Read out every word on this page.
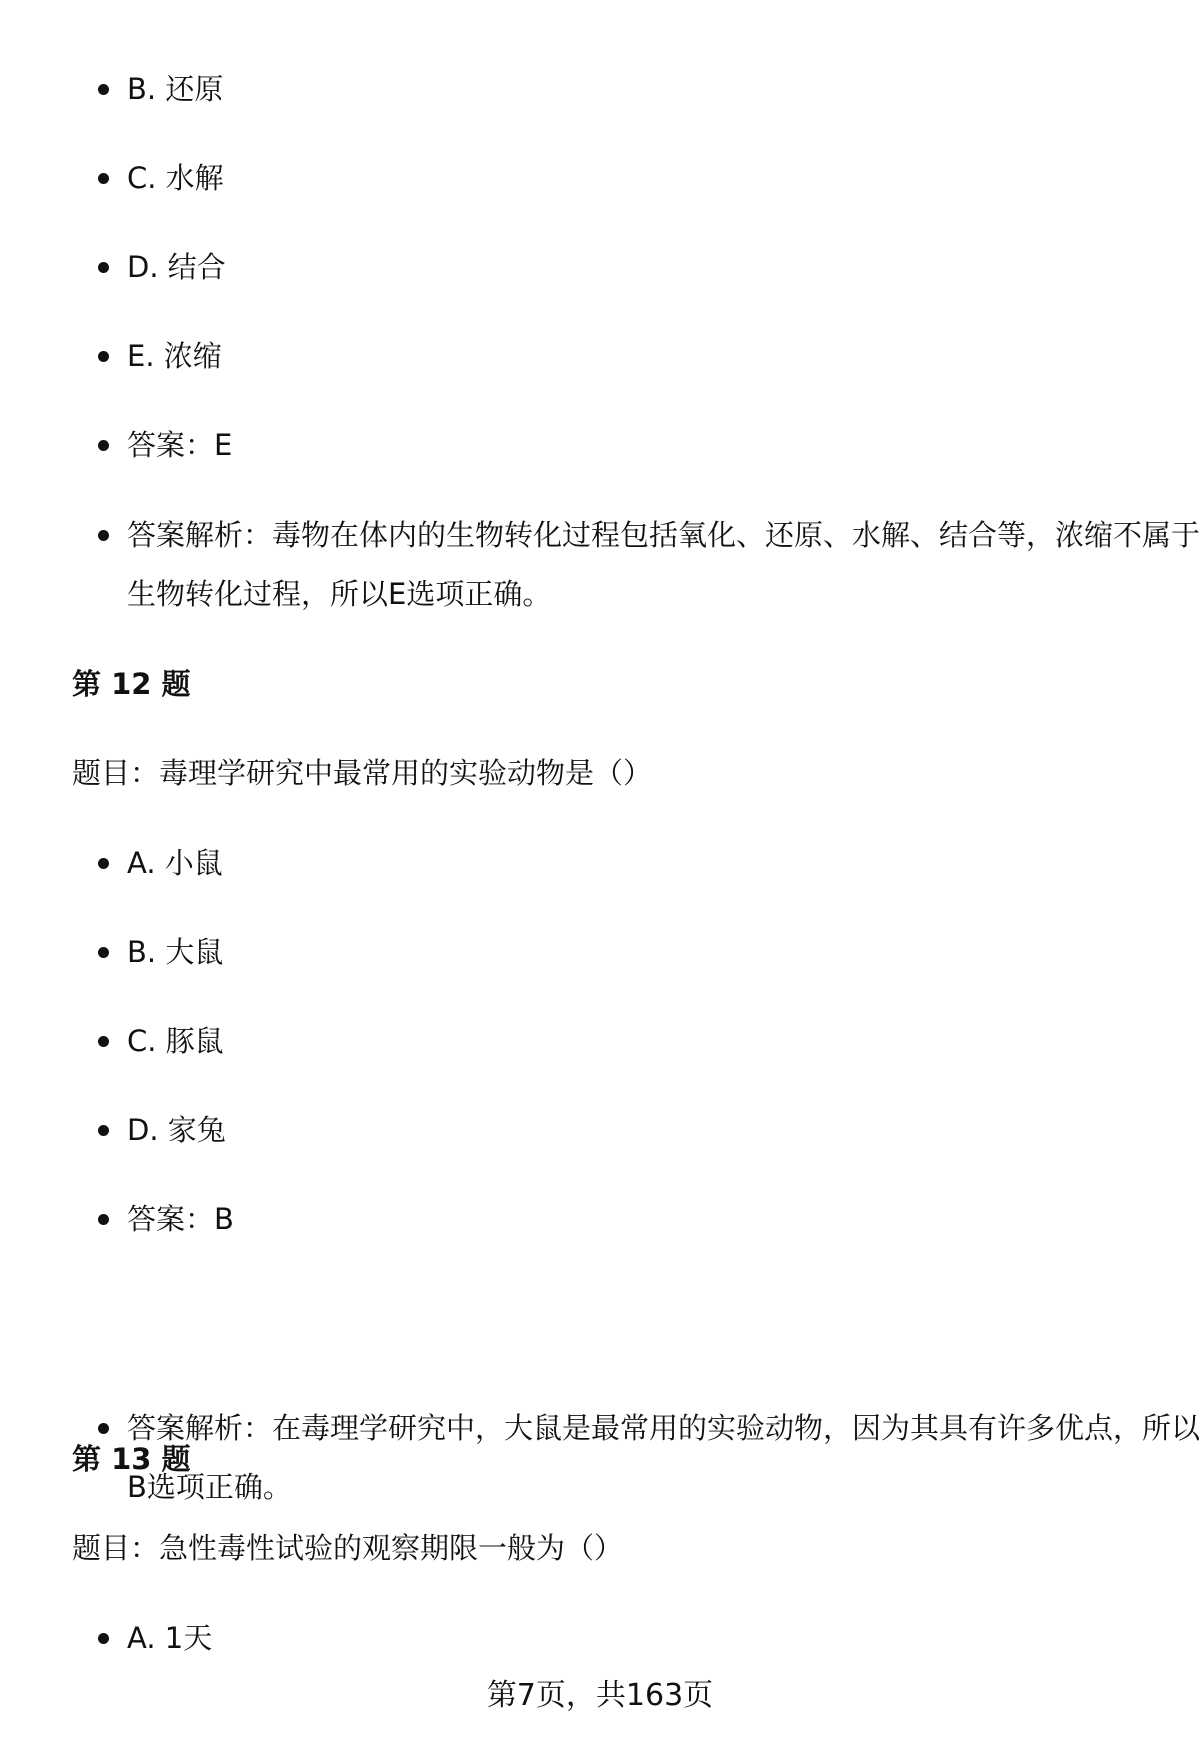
B. 还原
C. 水解
D. 结合
E. 浓缩
答案：E
答案解析：毒物在体内的生物转化过程包括氧化、还原、水解、结合等，浓缩不属于生物转化过程，所以E选项正确。
第 12 题
题目：毒理学研究中最常用的实验动物是（）
A. 小鼠
B. 大鼠
C. 豚鼠
D. 家兔
答案：B
答案解析：在毒理学研究中，大鼠是最常用的实验动物，因为其具有许多优点，所以B选项正确。
第 13 题
题目：急性毒性试验的观察期限一般为（）
A. 1天
第7页，共163页
